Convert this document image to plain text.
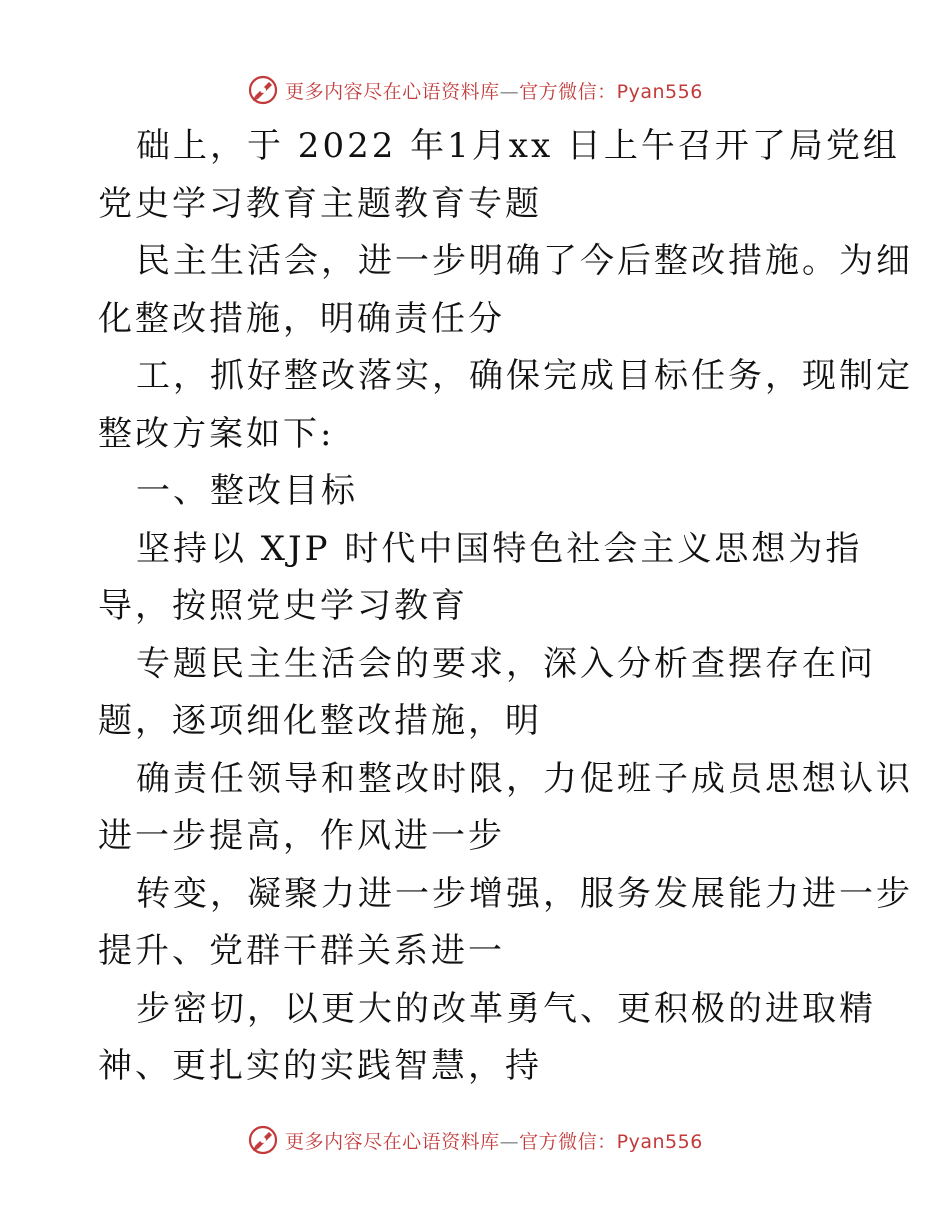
更多内容尽在心语资料库—官方微信：Pyan556
础上，于 2022 年1月xx 日上午召开了局党组
党史学习教育主题教育专题
民主生活会，进一步明确了今后整改措施。为细
化整改措施，明确责任分
工，抓好整改落实，确保完成目标任务，现制定
整改方案如下:
一、整改目标
坚持以 XJP 时代中国特色社会主义思想为指
导，按照党史学习教育
专题民主生活会的要求，深入分析查摆存在问
题，逐项细化整改措施，明
确责任领导和整改时限，力促班子成员思想认识
进一步提高，作风进一步
转变，凝聚力进一步增强，服务发展能力进一步
提升、党群干群关系进一
步密切，以更大的改革勇气、更积极的进取精
神、更扎实的实践智慧，持
更多内容尽在心语资料库—官方微信：Pyan556
